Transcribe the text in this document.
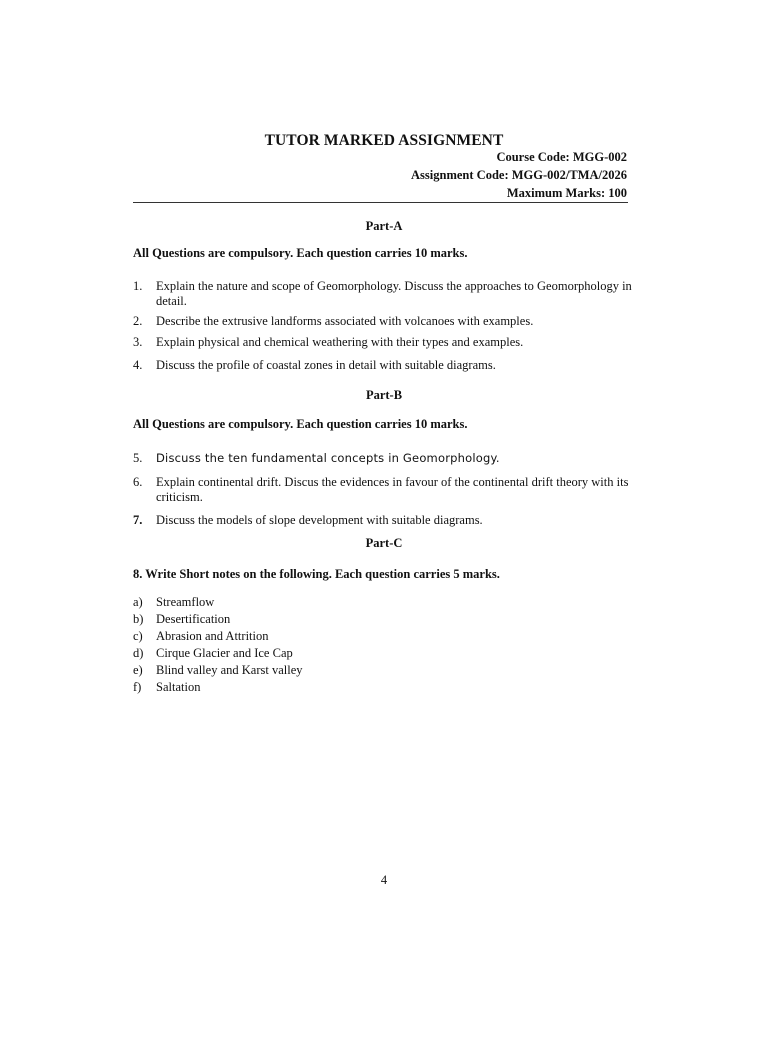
TUTOR MARKED ASSIGNMENT
Course Code: MGG-002
Assignment Code: MGG-002/TMA/2026
Maximum Marks: 100
Part-A
All Questions are compulsory. Each question carries 10 marks.
1. Explain the nature and scope of Geomorphology. Discuss the approaches to Geomorphology in detail.
2. Describe the extrusive landforms associated with volcanoes with examples.
3. Explain physical and chemical weathering with their types and examples.
4. Discuss the profile of coastal zones in detail with suitable diagrams.
Part-B
All Questions are compulsory. Each question carries 10 marks.
5. Discuss the ten fundamental concepts in Geomorphology.
6. Explain continental drift. Discus the evidences in favour of the continental drift theory with its criticism.
7. Discuss the models of slope development with suitable diagrams.
Part-C
8. Write Short notes on the following. Each question carries 5 marks.
a) Streamflow
b) Desertification
c) Abrasion and Attrition
d) Cirque Glacier and Ice Cap
e) Blind valley and Karst valley
f) Saltation
4
